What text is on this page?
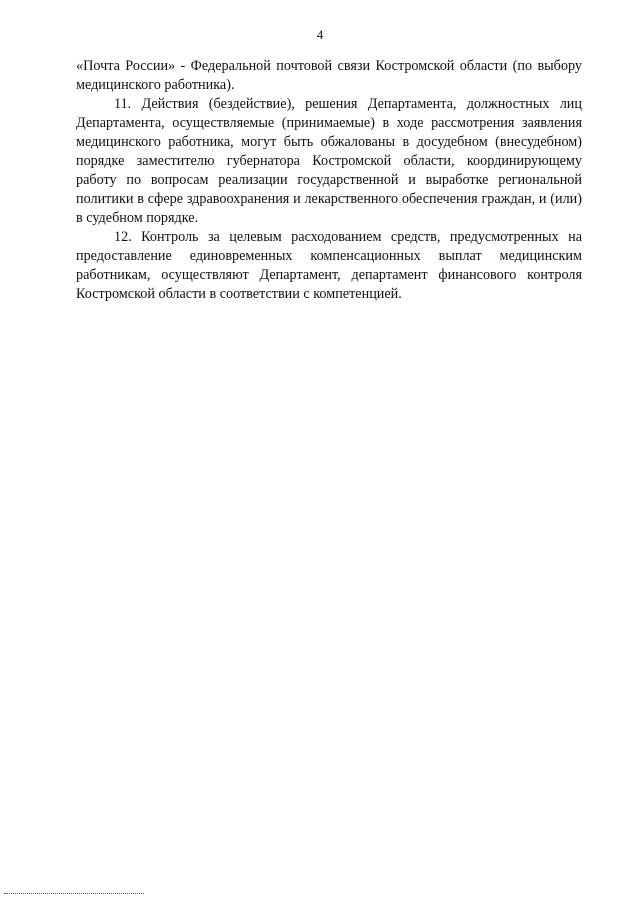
4

«Почта России» - Федеральной почтовой связи Костромской области (по выбору медицинского работника).

11. Действия (бездействие), решения Департамента, должностных лиц Департамента, осуществляемые (принимаемые) в ходе рассмотрения заявления медицинского работника, могут быть обжалованы в досудебном (внесудебном) порядке заместителю губернатора Костромской области, координирующему работу по вопросам реализации государственной и выработке региональной политики в сфере здравоохранения и лекарственного обеспечения граждан, и (или) в судебном порядке.

12. Контроль за целевым расходованием средств, предусмотренных на предоставление единовременных компенсационных выплат медицинским работникам, осуществляют Департамент, департамент финансового контроля Костромской области в соответствии с компетенцией.
